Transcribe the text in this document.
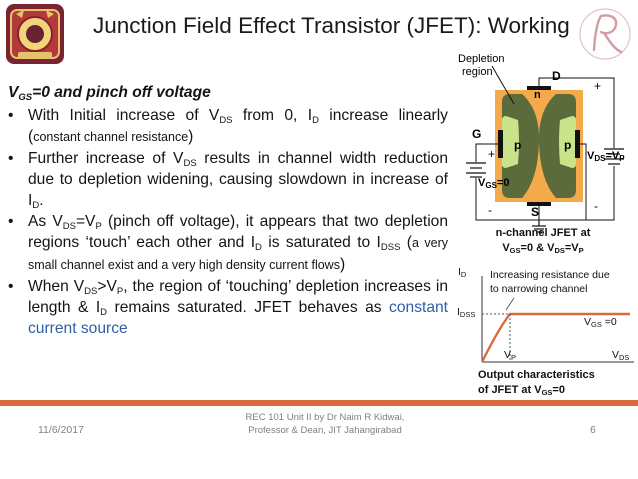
Junction Field Effect Transistor (JFET): Working
$V_{GS}=0$ and pinch off voltage
• With Initial increase of $V_{DS}$ from 0, $I_D$ increase linearly (constant channel resistance)
• Further increase of $V_{DS}$ results in channel width reduction due to depletion widening, causing slowdown in increase of $I_D$.
• As $V_{DS}=V_P$ (pinch off voltage), it appears that two depletion regions ‘touch’ each other and $I_D$ is saturated to $I_{DSS}$ (a very small channel exist and a very high density current flows)
• When $V_{DS}>V_P$, the region of ‘touching’ depletion increases in length & $I_D$ remains saturated. JFET behaves as constant current source
Depletion
region	D
n
G
p	p
S
+
+
-	-
VGS=0
VDS=VP
n-channel JFET at
$V_{GS}=0$ & $V_{DS}=V_P$
$I_D$
$I_{DSS}$
Increasing resistance due
to narrowing channel
$V_{GS} =0$
$V_P$	$V_{DS}$
Output characteristics
of JFET at $V_{GS}=0$
11/6/2017
REC 101 Unit II by Dr Naim R Kidwai,
Professor & Dean, JIT Jahangirabad	6
